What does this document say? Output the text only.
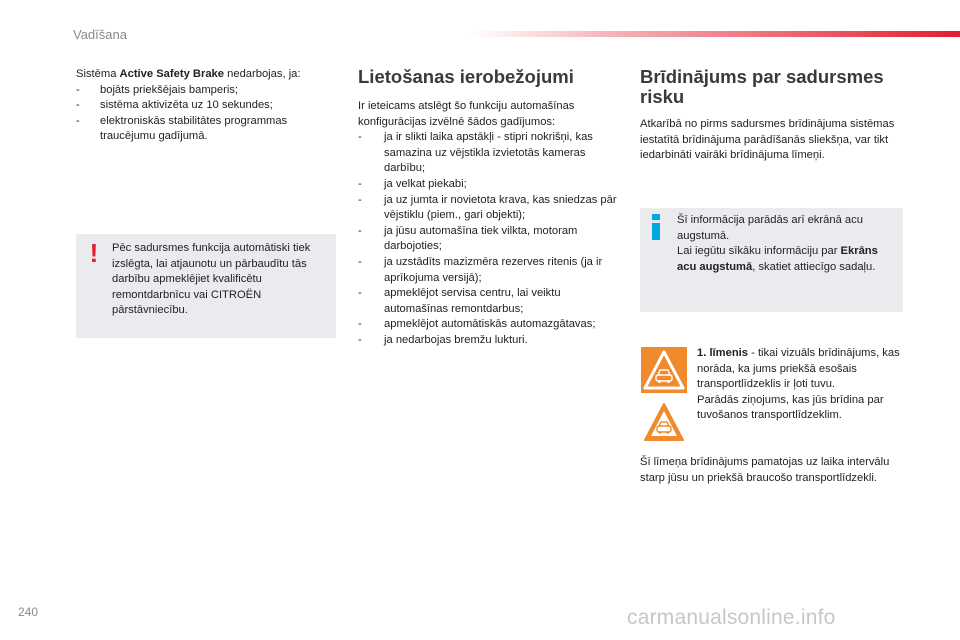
Vadīšana

Sistēma Active Safety Brake nedarbojas, ja:

- bojāts priekšējais bamperis;
- sistēma aktivizēta uz 10 sekundes;
- elektroniskās stabilitātes programmas traucējumu gadījumā.
!	Pēc sadursmes funkcija automātiski tiek izslēgta, lai atjaunotu un pārbaudītu tās darbību apmeklējiet kvalificētu remontdarbnīcu vai CITROËN pārstāvniecību.
Lietošanas ierobežojumi

Ir ieteicams atslēgt šo funkciju automašīnas konfigurācijas izvēlnē šādos gadījumos:

- ja ir slikti laika apstākļi - stipri nokrišņi, kas samazina uz vējstikla izvietotās kameras darbību;
- ja velkat piekabi;
- ja uz jumta ir novietota krava, kas sniedzas pār vējstiklu (piem., gari objekti);
- ja jūsu automašīna tiek vilkta, motoram darbojoties;
- ja uzstādīts mazizmēra rezerves ritenis (ja ir aprīkojuma versijā);
- apmeklējot servisa centru, lai veiktu automašīnas remontdarbus;
- apmeklējot automātiskās automazgātavas;
- ja nedarbojas bremžu lukturi.
Brīdinājums par sadursmes risku

Atkarībā no pirms sadursmes brīdinājuma sistēmas iestatītā brīdinājuma parādīšanās sliekšņa, var tikt iedarbināti vairāki brīdinājuma līmeņi.

Šī informācija parādās arī ekrānā acu augstumā.

Lai iegūtu sīkāku informāciju par Ekrāns acu augstumā, skatiet attiecīgo sadaļu.

1. līmenis - tikai vizuāls brīdinājums, kas norāda, ka jums priekšā esošais transportlīdzeklis ir ļoti tuvu.

Parādās ziņojums, kas jūs brīdina par tuvošanos transportlīdzeklim.

Šī līmeņa brīdinājums pamatojas uz laika intervālu starp jūsu un priekšā braucošo transportlīdzekli.
240	carmanualsonline.info
